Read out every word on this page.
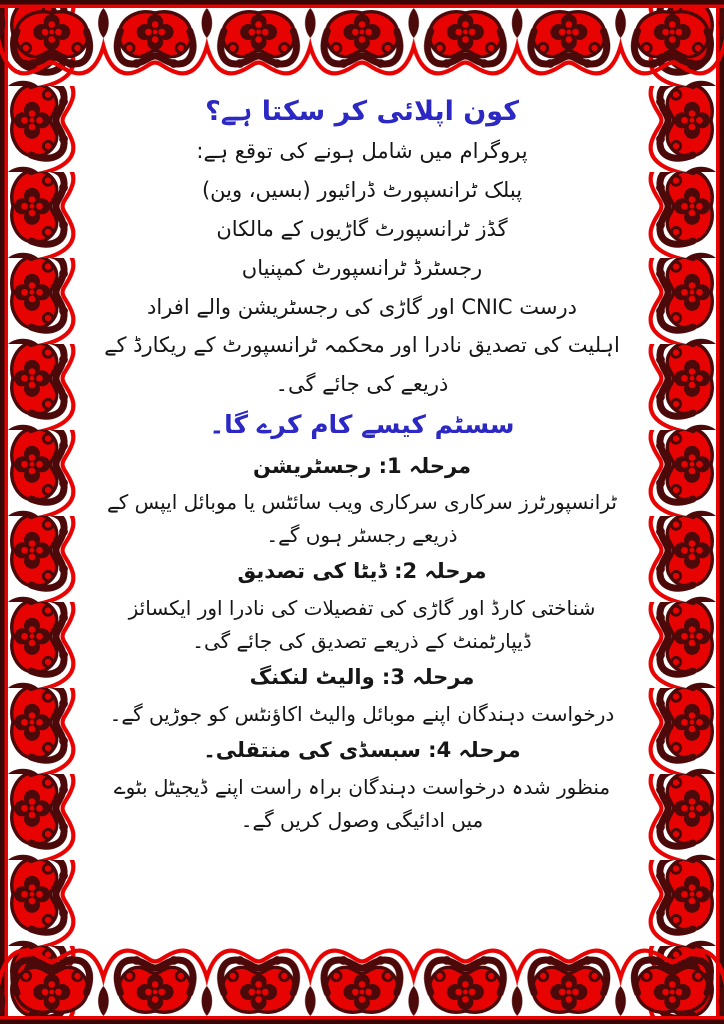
کون اپلائی کر سکتا ہے؟

پروگرام میں شامل ہونے کی توقع ہے:

پبلک ٹرانسپورٹ ڈرائیور (بسیں، وین)

گڈز ٹرانسپورٹ گاڑیوں کے مالکان

رجسٹرڈ ٹرانسپورٹ کمپنیاں

درست CNIC اور گاڑی کی رجسٹریشن والے افراد

اہلیت کی تصدیق نادرا اور محکمہ ٹرانسپورٹ کے ریکارڈ کے ذریعے کی جائے گی۔

سسٹم کیسے کام کرے گا۔

مرحلہ 1: رجسٹریشن

ٹرانسپورٹرز سرکاری سرکاری ویب سائٹس یا موبائل ایپس کے ذریعے رجسٹر ہوں گے۔

مرحلہ 2: ڈیٹا کی تصدیق

شناختی کارڈ اور گاڑی کی تفصیلات کی نادرا اور ایکسائز ڈیپارٹمنٹ کے ذریعے تصدیق کی جائے گی۔

مرحلہ 3: والیٹ لنکنگ

درخواست دہندگان اپنے موبائل والیٹ اکاؤنٹس کو جوڑیں گے۔

مرحلہ 4: سبسڈی کی منتقلی۔

منظور شدہ درخواست دہندگان براہ راست اپنے ڈیجیٹل بٹوے میں ادائیگی وصول کریں گے۔
